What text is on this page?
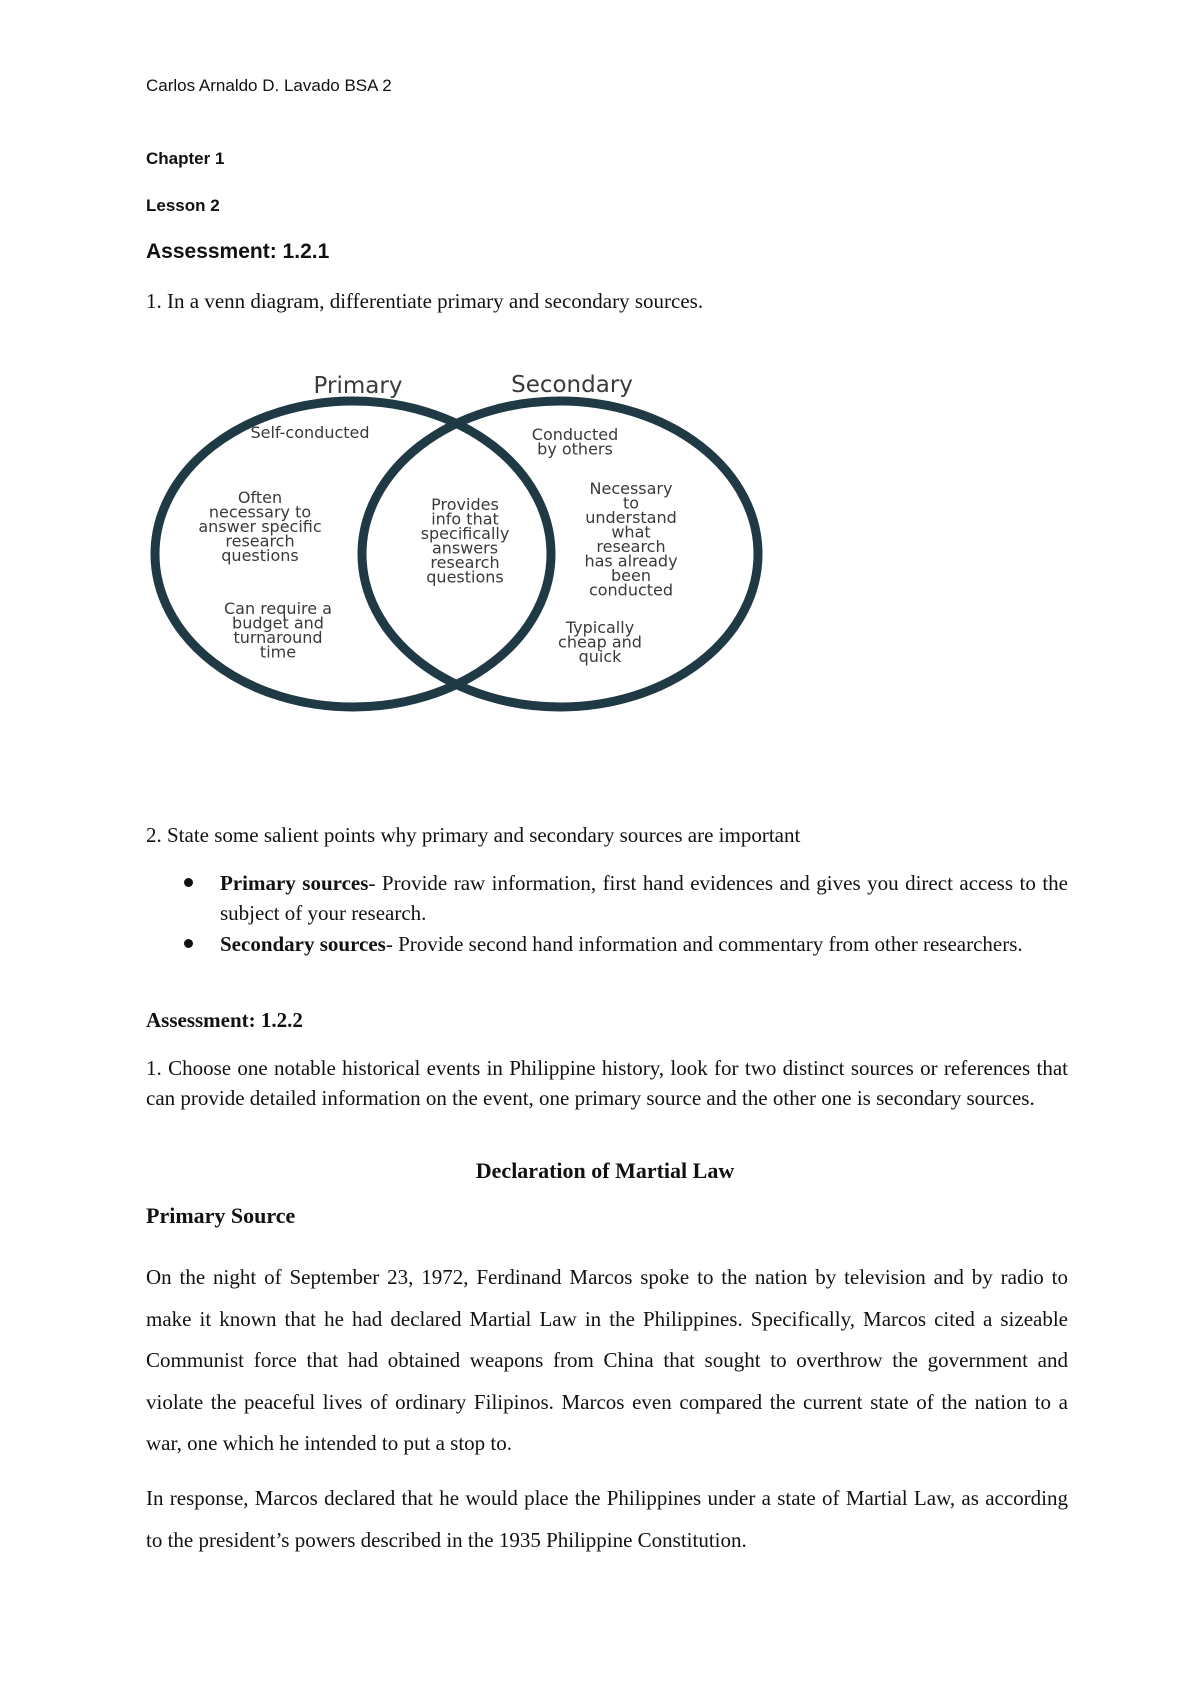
Carlos Arnaldo D. Lavado BSA 2
Chapter 1
Lesson 2
Assessment: 1.2.1
1. In a venn diagram, differentiate primary and secondary sources.
Primary	Secondary
Self-conducted
Often necessary to answer specific research questions
Can require a budget and turnaround time
Provides info that specifically answers research questions
Conducted by others
Necessary to understand what research has already been conducted
Typically cheap and quick
2. State some salient points why primary and secondary sources are important
Primary sources- Provide raw information, first hand evidences and gives you direct access to the subject of your research.
Secondary sources- Provide second hand information and commentary from other researchers.
Assessment: 1.2.2
1. Choose one notable historical events in Philippine history, look for two distinct sources or references that can provide detailed information on the event, one primary source and the other one is secondary sources.
Declaration of Martial Law
Primary Source

On the night of September 23, 1972, Ferdinand Marcos spoke to the nation by television and by radio to make it known that he had declared Martial Law in the Philippines. Specifically, Marcos cited a sizeable Communist force that had obtained weapons from China that sought to overthrow the government and violate the peaceful lives of ordinary Filipinos. Marcos even compared the current state of the nation to a war, one which he intended to put a stop to.

In response, Marcos declared that he would place the Philippines under a state of Martial Law, as according to the president’s powers described in the 1935 Philippine Constitution.
